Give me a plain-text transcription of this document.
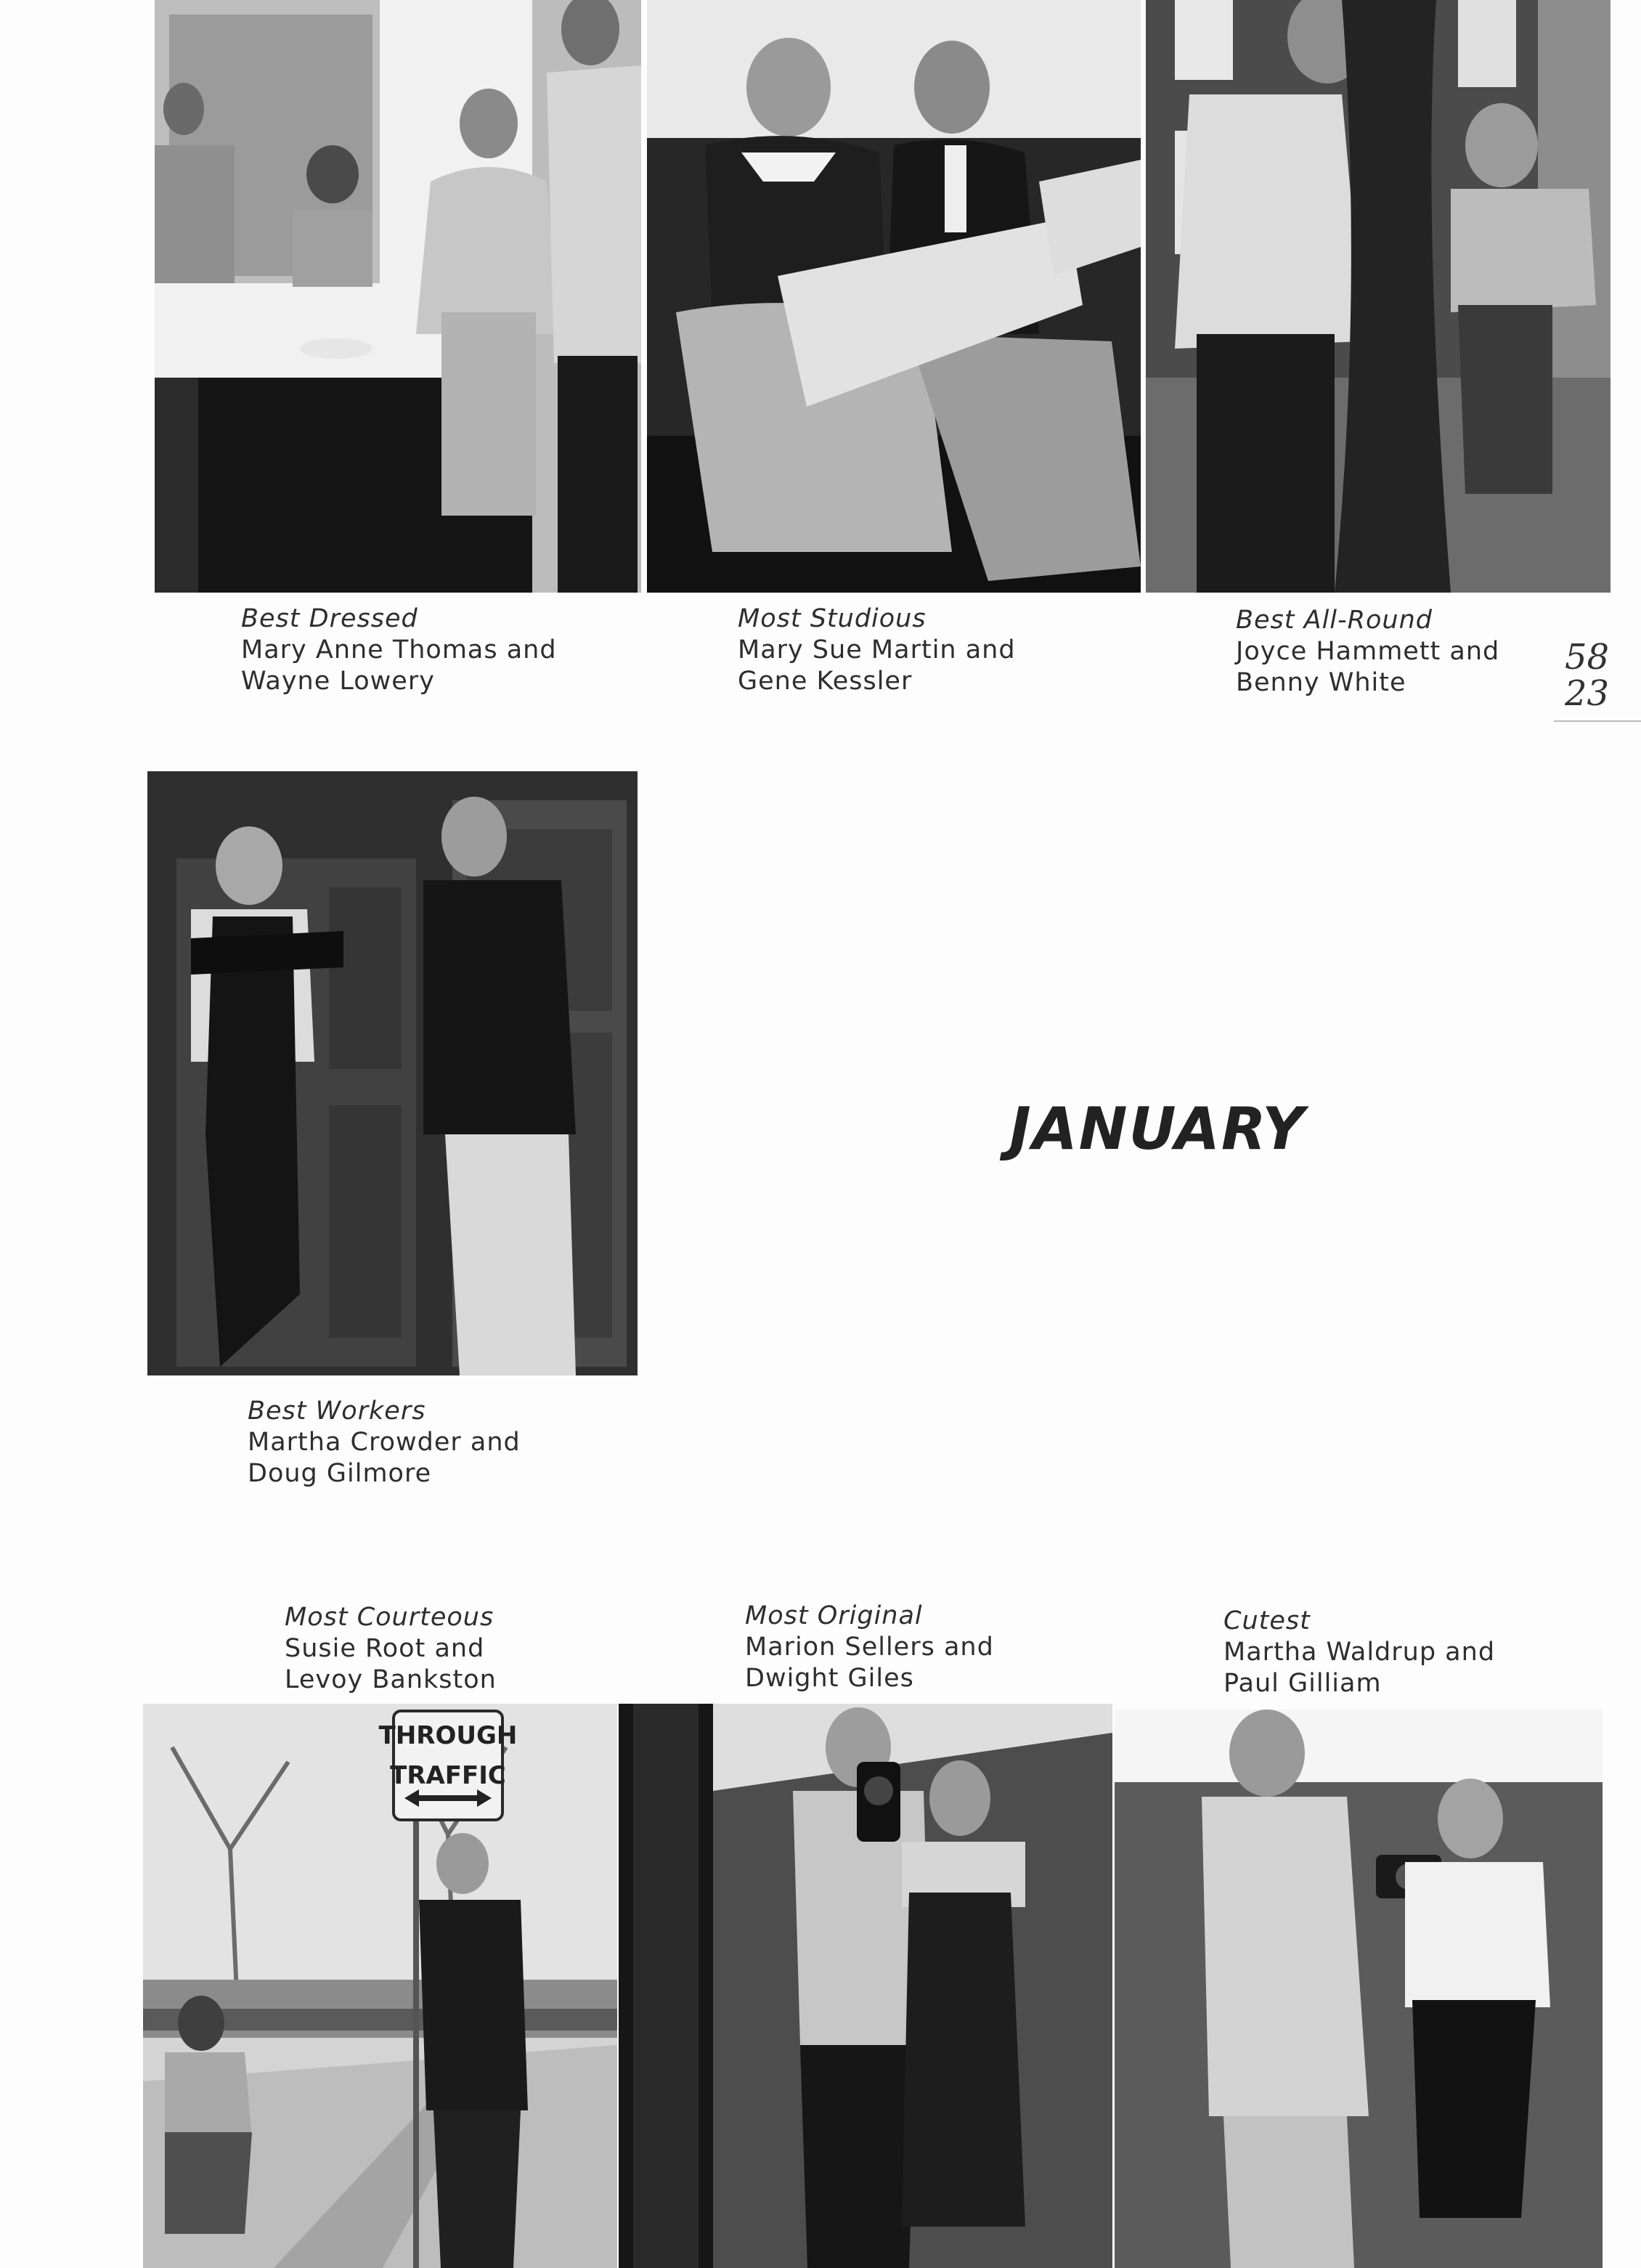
Best Dressed
Mary Anne Thomas and
Wayne Lowery
Most Studious
Mary Sue Martin and
Gene Kessler
Best All-Round
Joyce Hammett and
Benny White
58
23
Best Workers
Martha Crowder and
Doug Gilmore
JANUARY
Most Courteous
Susie Root and
Levoy Bankston
Most Original
Marion Sellers and
Dwight Giles
Cutest
Martha Waldrup and
Paul Gilliam
THROUGH
TRAFFIC
